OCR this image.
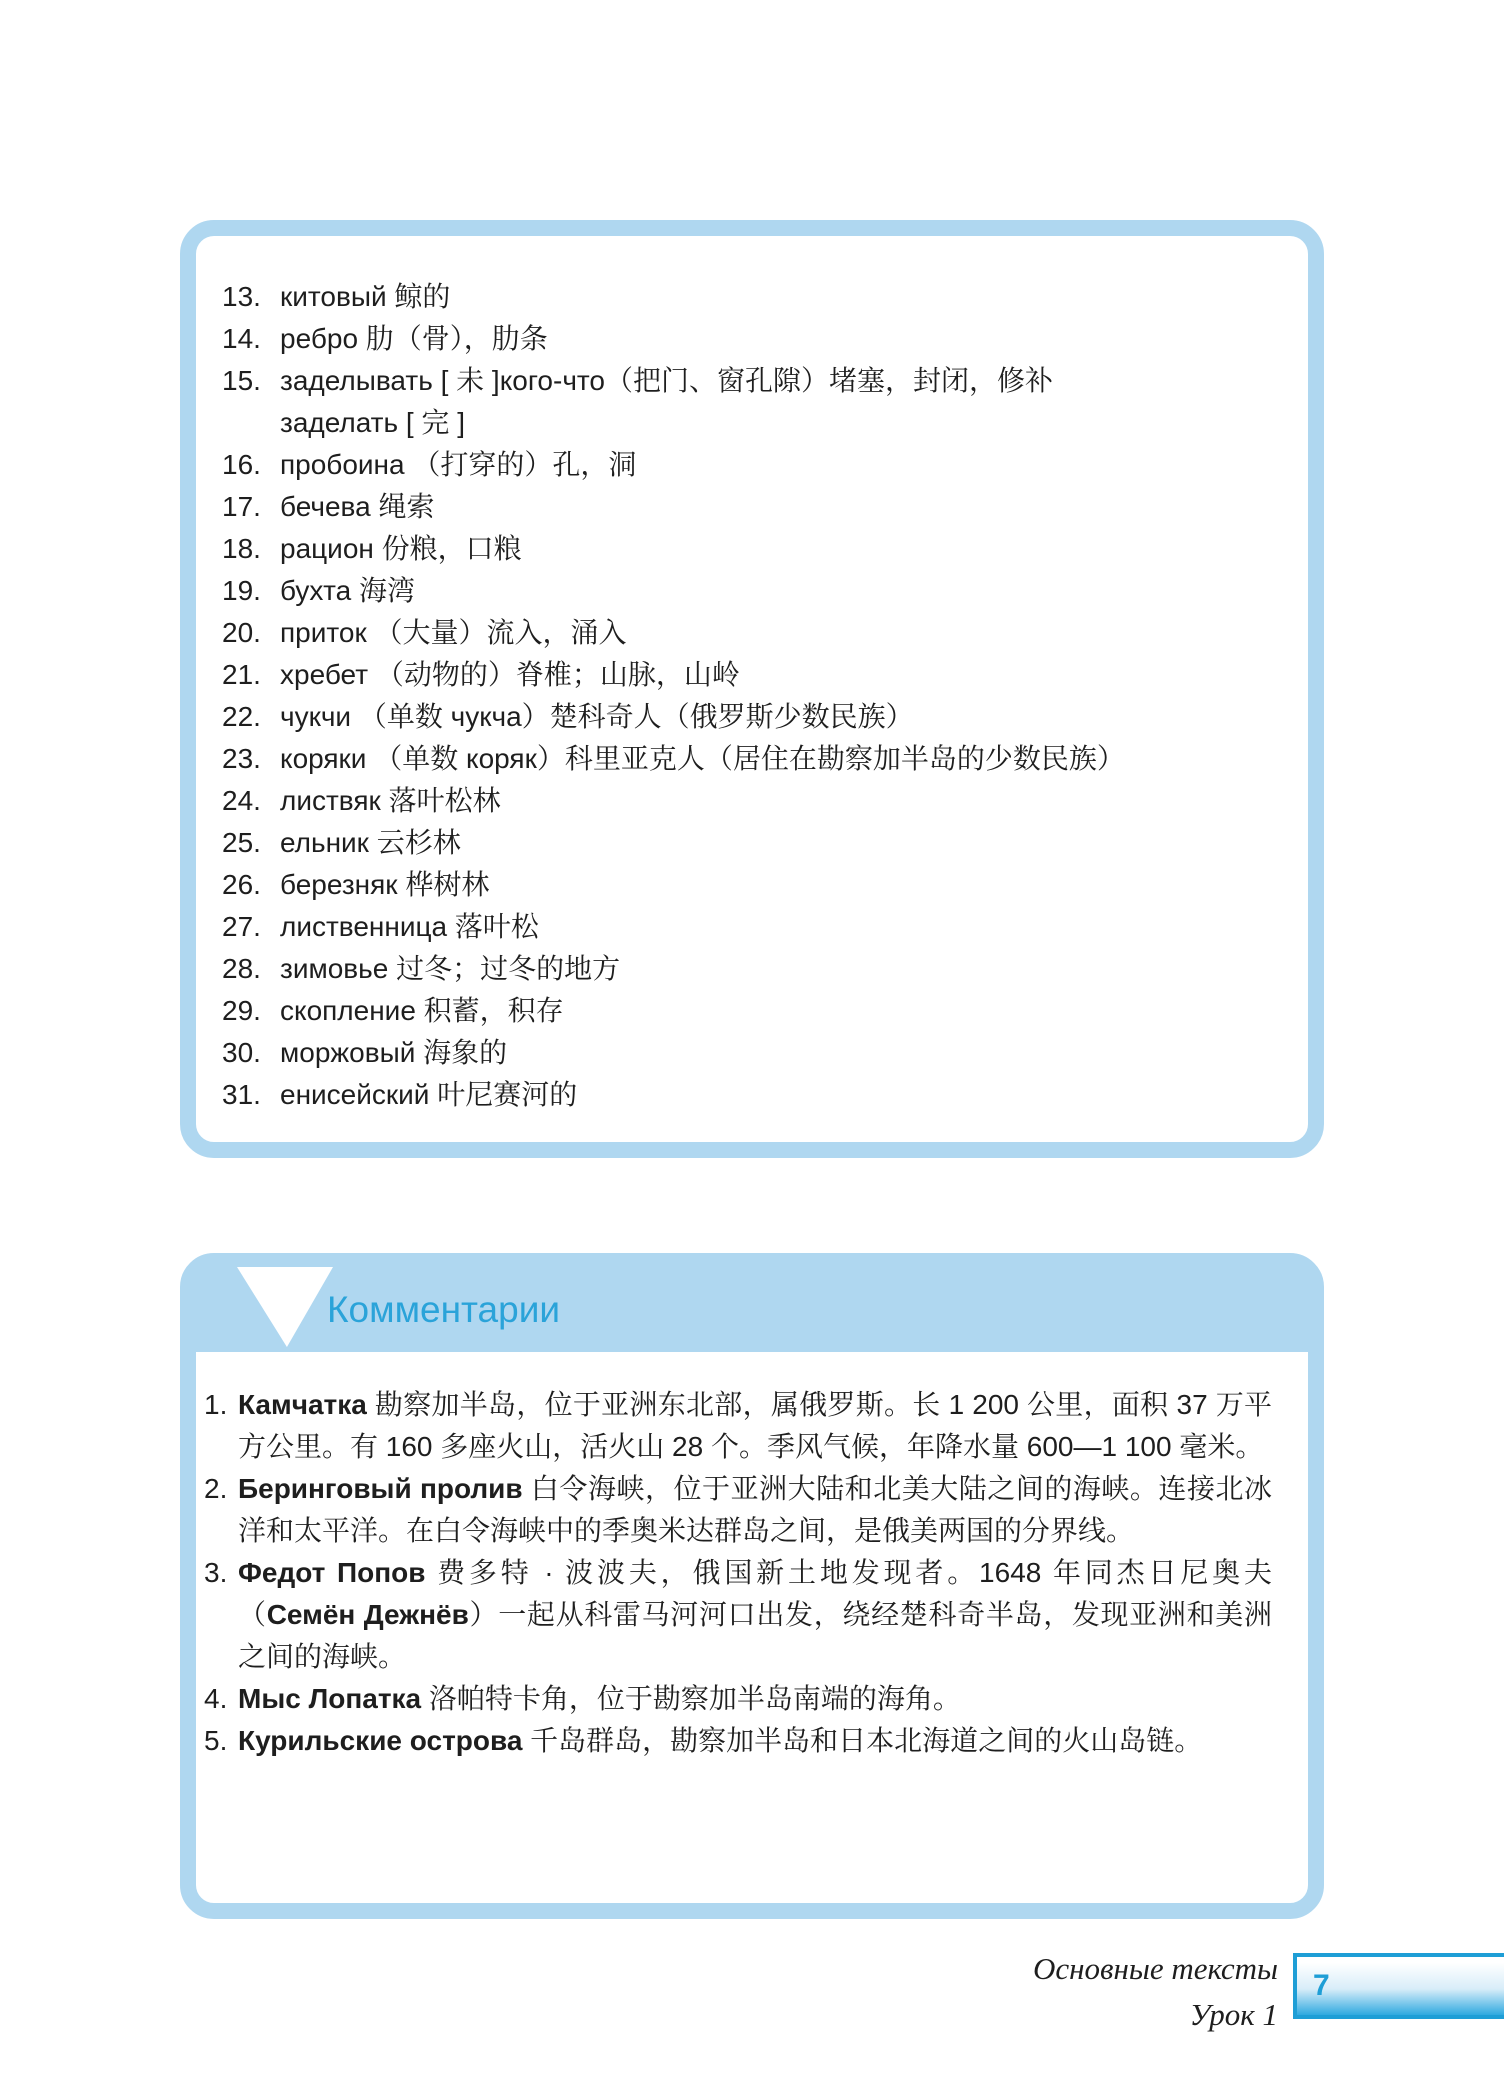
13. китовый 鲸的
14. ребро 肋（骨），肋条
15. заделывать [ 未 ]кого-что（把门、窗孔隙）堵塞，封闭，修补
заделать [ 完 ]
16. пробоина （打穿的）孔，洞
17. бечева 绳索
18. рацион 份粮，口粮
19. бухта 海湾
20. приток （大量）流入，涌入
21. хребет （动物的）脊椎；山脉，山岭
22. чукчи （单数 чукча）楚科奇人（俄罗斯少数民族）
23. коряки （单数 коряк）科里亚克人（居住在勘察加半岛的少数民族）
24. листвяк 落叶松林
25. ельник 云杉林
26. березняк 桦树林
27. лиственница 落叶松
28. зимовье 过冬；过冬的地方
29. скопление 积蓄，积存
30. моржовый 海象的
31. енисейский 叶尼赛河的
Комментарии
1. Камчатка 勘察加半岛，位于亚洲东北部，属俄罗斯。长 1 200 公里，面积 37 万平方公里。有 160 多座火山，活火山 28 个。季风气候，年降水量 600—1 100 毫米。
2. Беринговый пролив 白令海峡，位于亚洲大陆和北美大陆之间的海峡。连接北冰洋和太平洋。在白令海峡中的季奥米达群岛之间，是俄美两国的分界线。
3. Федот Попов 费多特 · 波波夫，俄国新土地发现者。1648 年同杰日尼奥夫（Семён Дежнёв）一起从科雷马河河口出发，绕经楚科奇半岛，发现亚洲和美洲之间的海峡。
4. Мыс Лопатка 洛帕特卡角，位于勘察加半岛南端的海角。
5. Курильские острова 千岛群岛，勘察加半岛和日本北海道之间的火山岛链。
Основные тексты
Урок 1
7
